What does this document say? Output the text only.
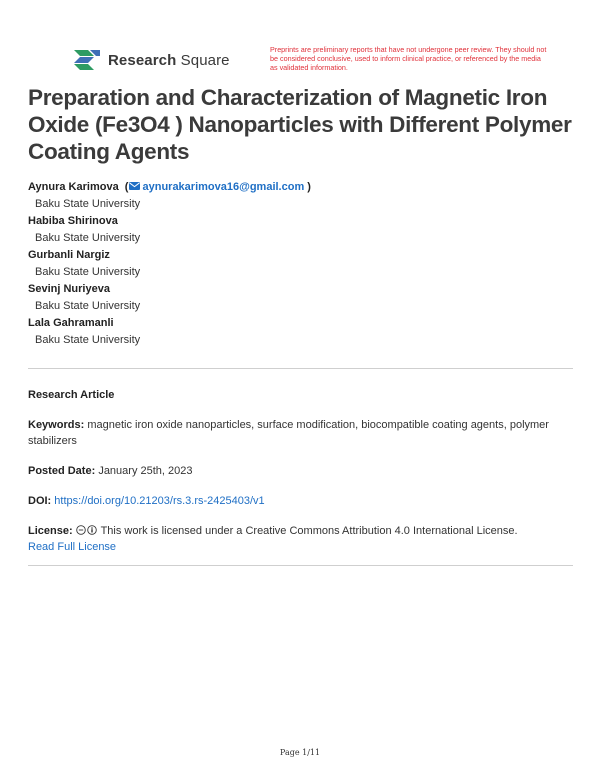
Research Square
Preprints are preliminary reports that have not undergone peer review. They should not be considered conclusive, used to inform clinical practice, or referenced by the media as validated information.
Preparation and Characterization of Magnetic Iron Oxide (Fe3O4 ) Nanoparticles with Different Polymer Coating Agents
Aynura Karimova  ( aynurakarimova16@gmail.com )
Baku State University
Habiba Shirinova
Baku State University
Gurbanli Nargiz
Baku State University
Sevinj Nuriyeva
Baku State University
Lala Gahramanli
Baku State University
Research Article
Keywords: magnetic iron oxide nanoparticles, surface modification, biocompatible coating agents, polymer stabilizers
Posted Date: January 25th, 2023
DOI: https://doi.org/10.21203/rs.3.rs-2425403/v1
License:	This work is licensed under a Creative Commons Attribution 4.0 International License.
Read Full License
Page 1/11
